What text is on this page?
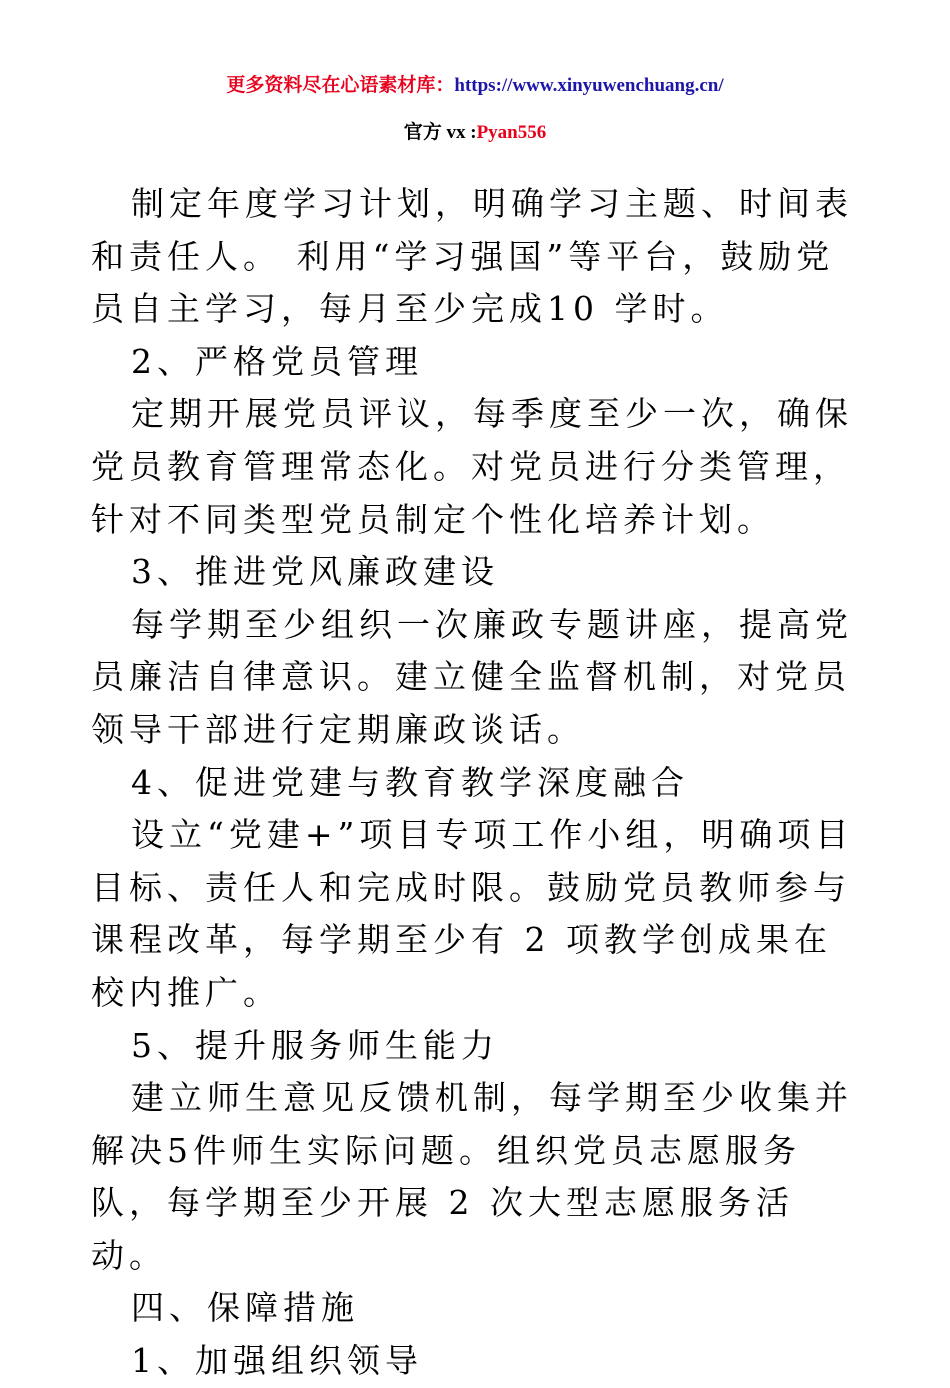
更多资料尽在心语素材库：https://www.xinyuwenchuang.cn/
官方 vx :Pyan556

制定年度学习计划，明确学习主题、时间表和责任人。 利用“学习强国”等平台，鼓励党员自主学习，每月至少完成10 学时。

2、严格党员管理

定期开展党员评议，每季度至少一次，确保党员教育管理常态化。对党员进行分类管理，针对不同类型党员制定个性化培养计划。

3、推进党风廉政建设

每学期至少组织一次廉政专题讲座，提高党员廉洁自律意识。建立健全监督机制，对党员领导干部进行定期廉政谈话。

4、促进党建与教育教学深度融合

设立“党建+”项目专项工作小组，明确项目目标、责任人和完成时限。鼓励党员教师参与课程改革，每学期至少有 2 项教学创成果在校内推广。

5、提升服务师生能力

建立师生意见反馈机制，每学期至少收集并解决5件师生实际问题。组织党员志愿服务队，每学期至少开展 2 次大型志愿服务活动。

四、保障措施

1、加强组织领导
